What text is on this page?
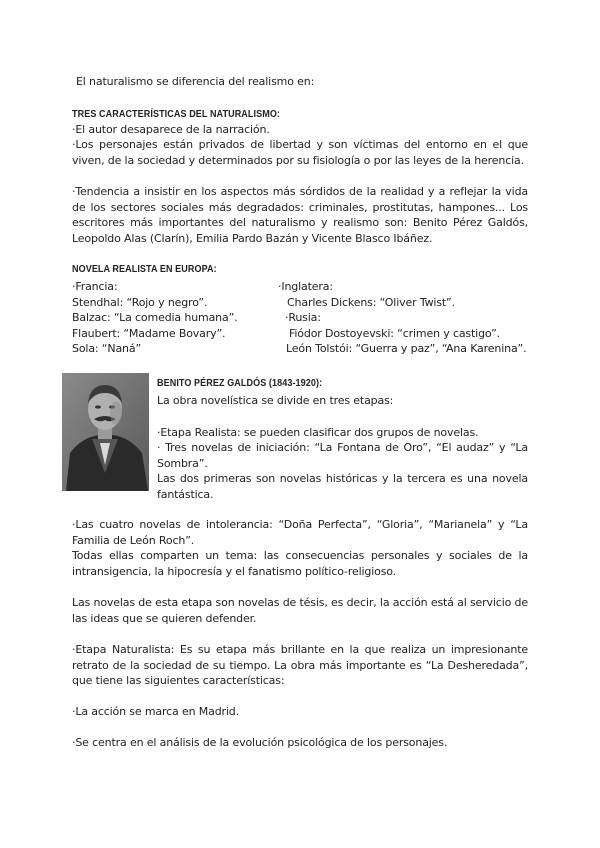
El naturalismo se diferencia del realismo en:
TRES CARACTERÍSTICAS DEL NATURALISMO:
·El autor desaparece de la narración.
·Los personajes están privados de libertad y son víctimas del entorno en el que viven, de la sociedad y determinados por su fisiología o por las leyes de la herencia.
·Tendencia a insistir en los aspectos más sórdidos de la realidad y a reflejar la vida de los sectores sociales más degradados: criminales, prostitutas, hampones... Los escritores más importantes del naturalismo y realismo son: Benito Pérez Galdós, Leopoldo Alas (Clarín), Emilia Pardo Bazán y Vicente Blasco Ibáñez.
NOVELA REALISTA EN EUROPA:
·Francia:
Stendhal: “Rojo y negro”.
Balzac: “La comedia humana”.
Flaubert: “Madame Bovary”.
Sola: “Naná”
·Inglatera:
Charles Dickens: “Oliver Twist”.
·Rusia:
Fiódor Dostoyevski: “crimen y castigo”.
León Tolstói: “Guerra y paz”, “Ana Karenina”.
BENITO PÉREZ GALDÓS (1843-1920):
La obra novelística se divide en tres etapas:
·Etapa Realista: se pueden clasificar dos grupos de novelas.
· Tres novelas de iniciación: “La Fontana de Oro”, “El audaz” y “La Sombra”.
Las dos primeras son novelas históricas y la tercera es una novela fantástica.
·Las cuatro novelas de intolerancia: “Doña Perfecta”, “Gloria”, “Marianela” y “La Familia de León Roch”.
Todas ellas comparten un tema: las consecuencias personales y sociales de la intransigencia, la hipocresía y el fanatismo político-religioso.
Las novelas de esta etapa son novelas de tésis, es decir, la acción está al servicio de las ideas que se quieren defender.
·Etapa Naturalista: Es su etapa más brillante en la que realiza un impresionante retrato de la sociedad de su tiempo. La obra más importante es “La Desheredada”, que tiene las siguientes características:
·La acción se marca en Madrid.
·Se centra en el análisis de la evolución psicológica de los personajes.
